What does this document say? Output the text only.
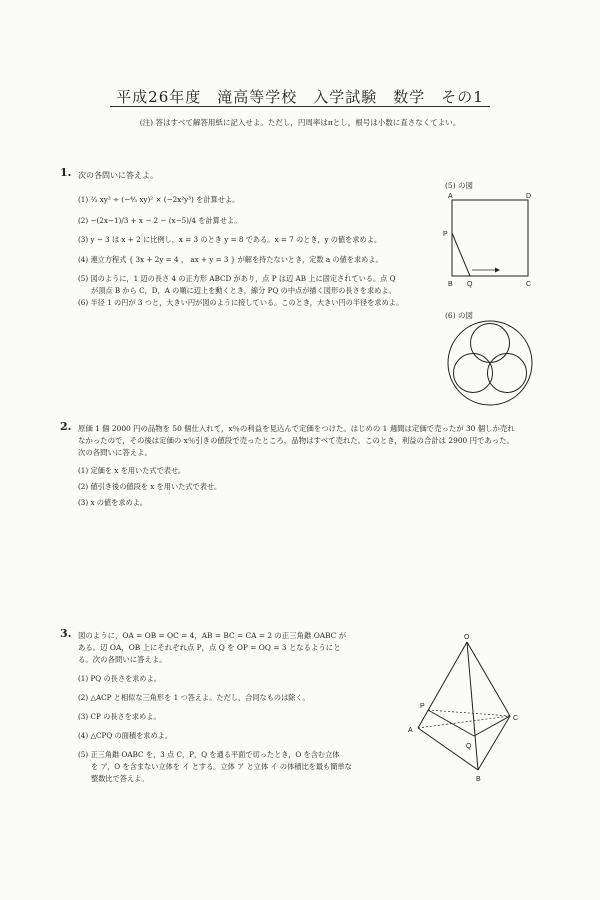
平成26年度　滝高等学校　入学試験　数学　その1
(注) 答はすべて解答用紙に記入せよ。ただし，円周率はπとし，根号は小数に直さなくてよい。
1. 次の各問いに答えよ。
(1) ²⁄₃ xy² ÷ (−⁴⁄₃ xy)² × (−2x²y³) を計算せよ。
(2) −(2x−1)/3 + x − 2 − (x−5)/4 を計算せよ。
(3) y − 3 は x + 2 に比例し，x = 3 のとき y = 8 である。x = 7 のとき，y の値を求めよ。
(4) 連立方程式 { 3x + 2y = 4 ， ax + y = 3 } が解を持たないとき，定数 a の値を求めよ。
(5) 図のように，1 辺の長さ 4 の正方形 ABCD があり，点 P は辺 AB 上に固定されている。点 Q
が頂点 B から C，D，A の順に辺上を動くとき，線分 PQ の中点が描く図形の長さを求めよ。
(6) 半径 1 の円が 3 つと，大きい円が図のように接している。このとき，大きい円の半径を求めよ。
(5) の図
A	D
P
B Q	C
(6) の図
2. 原価 1 個 2000 円の品物を 50 個仕入れて，x％の利益を見込んで定価をつけた。はじめの 1 週間は定価で売ったが 30 個しか売れ
なかったので，その後は定価の x％引きの値段で売ったところ，品物はすべて売れた。このとき，利益の合計は 2900 円であった。
次の各問いに答えよ。
(1) 定価を x を用いた式で表せ。
(2) 値引き後の値段を x を用いた式で表せ。
(3) x の値を求めよ。
3. 図のように，OA = OB = OC = 4，AB = BC = CA = 2 の正三角錐 OABC が
ある。辺 OA，OB 上にそれぞれ点 P，点 Q を OP = OQ = 3 となるようにと
る。次の各問いに答えよ。
(1) PQ の長さを求めよ。
(2) △ACP と相似な三角形を 1 つ答えよ。ただし，合同なものは除く。
(3) CP の長さを求めよ。
(4) △CPQ の面積を求めよ。
(5) 正三角錐 OABC を，3 点 C，P，Q を通る平面で切ったとき，O を含む立体
を ア，O を含まない立体を イ とする。立体 ア と立体 イ の体積比を最も簡単な
整数比で答えよ。
O
P
C
A
Q
B
